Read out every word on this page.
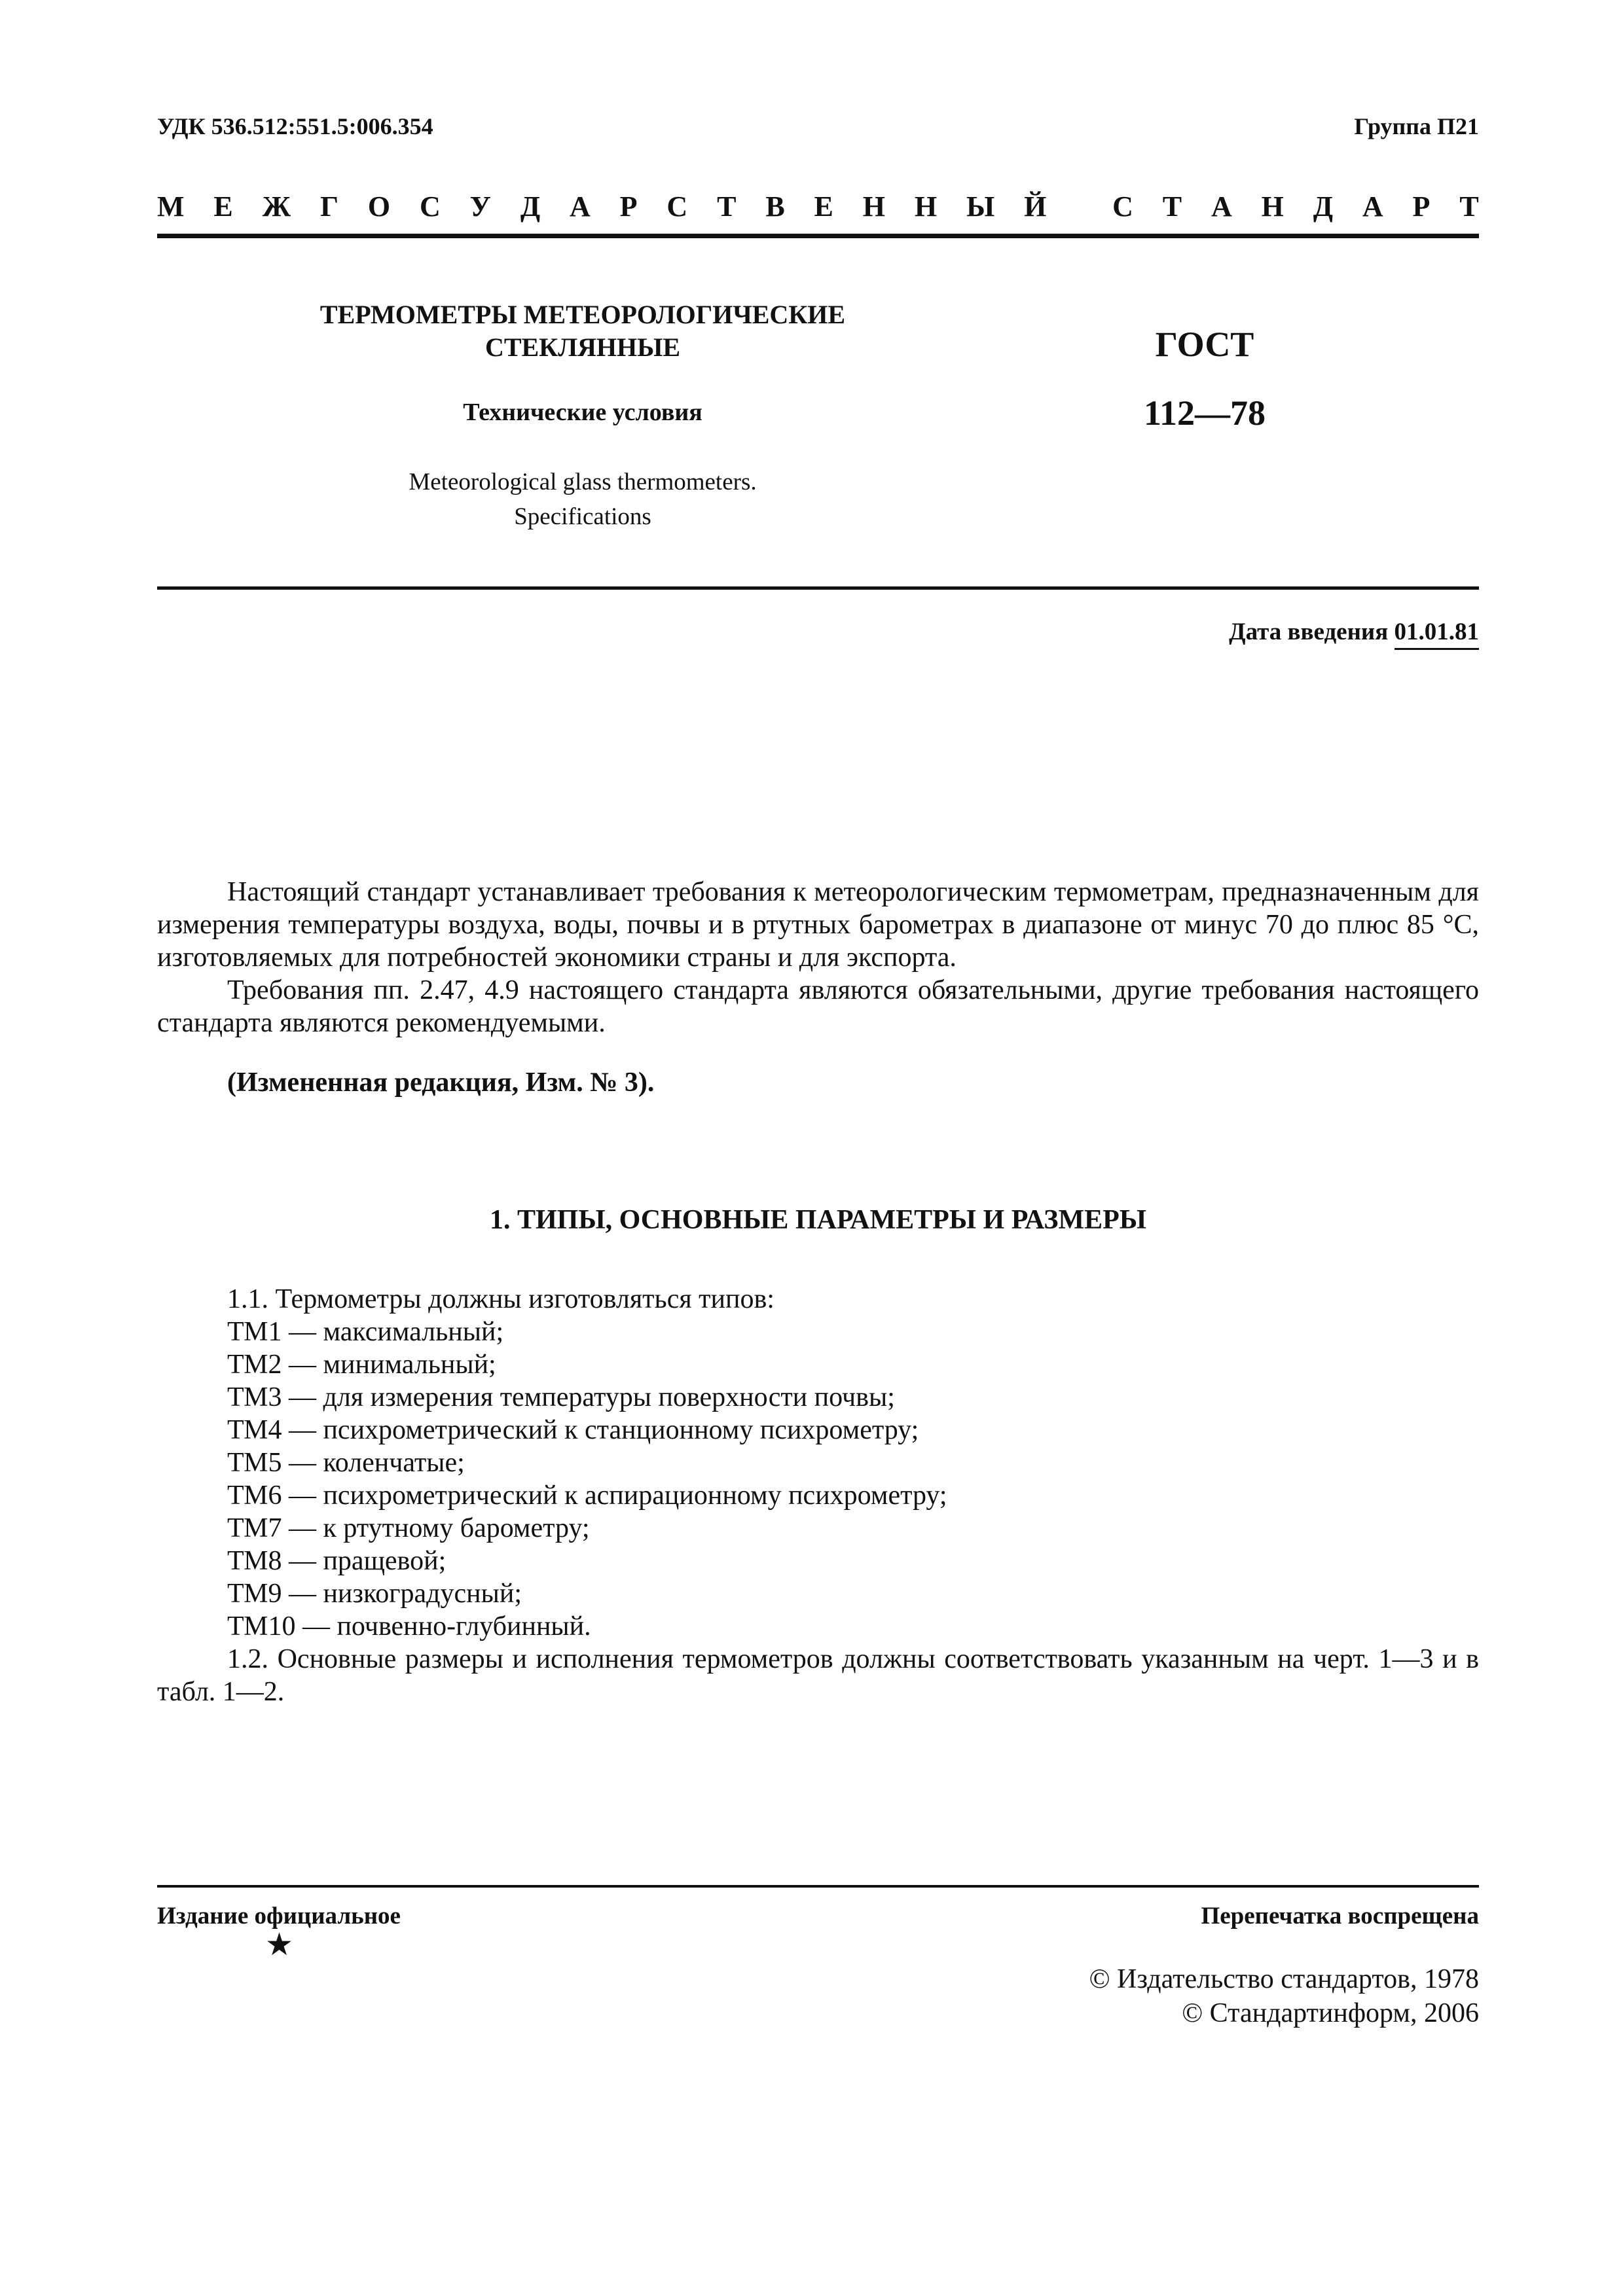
УДК 536.512:551.5:006.354	Группа П21
М Е Ж Г О С У Д А Р С Т В Е Н Н Ы Й
С Т А Н Д А Р Т
ТЕРМОМЕТРЫ МЕТЕОРОЛОГИЧЕСКИЕ
СТЕКЛЯННЫЕ
Технические условия
Meteorological glass thermometers.
Specifications
ГОСТ
112—78
Дата введения 01.01.81

Настоящий стандарт устанавливает требования к метеорологическим термометрам, предназначенным для измерения температуры воздуха, воды, почвы и в ртутных барометрах в диапазоне от минус 70 до плюс 85 °С, изготовляемых для потребностей экономики страны и для экспорта.

Требования пп. 2.47, 4.9 настоящего стандарта являются обязательными, другие требования настоящего стандарта являются рекомендуемыми.

(Измененная редакция, Изм. № 3).
1. ТИПЫ, ОСНОВНЫЕ ПАРАМЕТРЫ И РАЗМЕРЫ
1.1. Термометры должны изготовляться типов:
ТМ1 — максимальный;
ТМ2 — минимальный;
ТМ3 — для измерения температуры поверхности почвы;
ТМ4 — психрометрический к станционному психрометру;
ТМ5 — коленчатые;
ТМ6 — психрометрический к аспирационному психрометру;
ТМ7 — к ртутному барометру;
ТМ8 — пращевой;
ТМ9 — низкоградусный;
ТМ10 — почвенно-глубинный.

1.2. Основные размеры и исполнения термометров должны соответствовать указанным на черт. 1—3 и в табл. 1—2.

Издание официальное
★
Перепечатка воспрещена
© Издательство стандартов, 1978
© Стандартинформ, 2006
